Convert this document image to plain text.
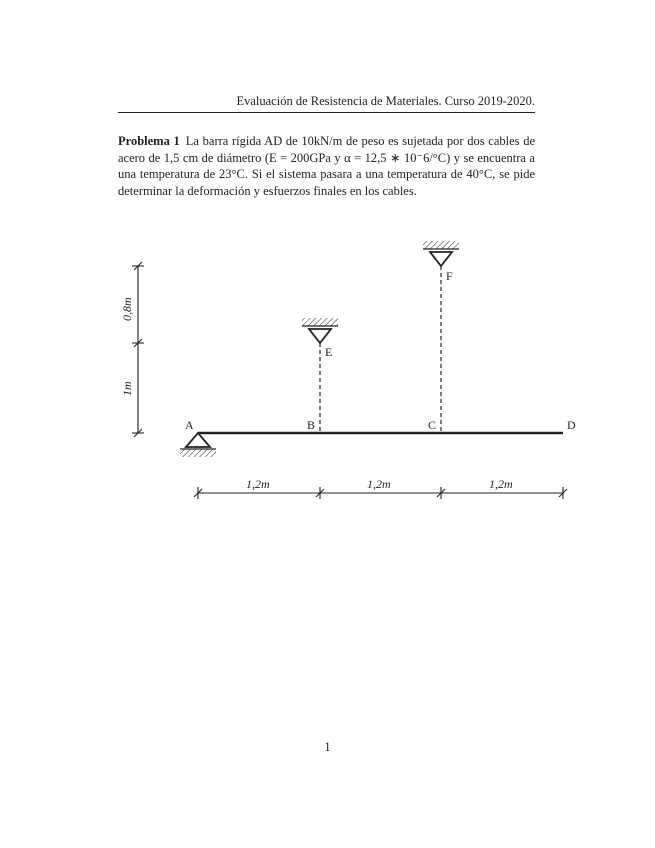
Evaluación de Resistencia de Materiales. Curso 2019-2020.
Problema 1 La barra rígida AD de 10kN/m de peso es sujetada por dos cables de acero de 1,5 cm de diámetro (E = 200GPa y α = 12,5 ∗ 10⁻6/°C) y se encuentra a una temperatura de 23°C. Si el sistema pasara a una temperatura de 40°C, se pide determinar la deformación y esfuerzos finales en los cables.
A	B	C	D
E
F
0,8m
1m
1,2m	1,2m	1,2m
1
